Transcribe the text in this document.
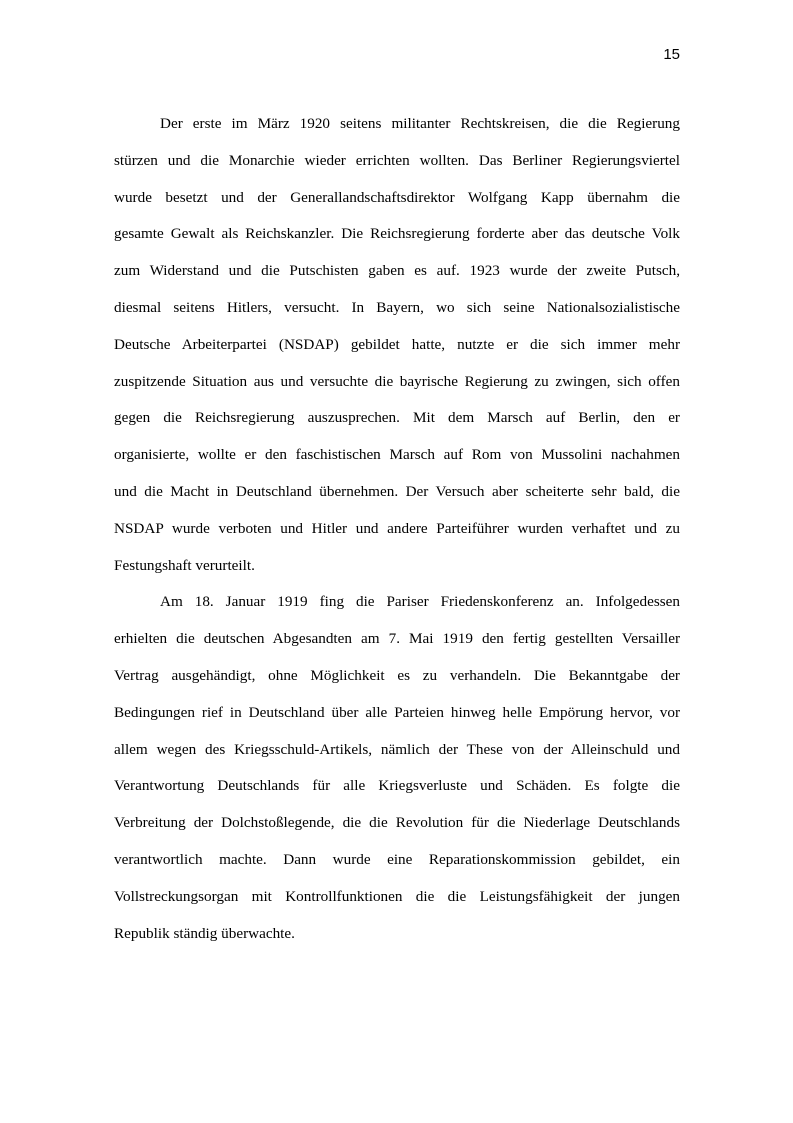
15
Der erste im März 1920 seitens militanter Rechtskreisen, die die Regierung
stürzen und die Monarchie wieder errichten wollten. Das Berliner Regierungsviertel
wurde besetzt und der Generallandschaftsdirektor Wolfgang Kapp übernahm die
gesamte Gewalt als Reichskanzler. Die Reichsregierung forderte aber das deutsche Volk
zum Widerstand und die Putschisten gaben es auf. 1923 wurde der zweite Putsch,
diesmal seitens Hitlers, versucht. In Bayern, wo sich seine Nationalsozialistische
Deutsche Arbeiterpartei (NSDAP) gebildet hatte, nutzte er die sich immer mehr
zuspitzende Situation aus und versuchte die bayrische Regierung zu zwingen, sich offen
gegen die Reichsregierung auszusprechen. Mit dem Marsch auf Berlin, den er
organisierte, wollte er den faschistischen Marsch auf Rom von Mussolini nachahmen
und die Macht in Deutschland übernehmen. Der Versuch aber scheiterte sehr bald, die
NSDAP wurde verboten und Hitler und andere Parteiführer wurden verhaftet und zu
Festungshaft verurteilt.
Am 18. Januar 1919 fing die Pariser Friedenskonferenz an. Infolgedessen
erhielten die deutschen Abgesandten am 7. Mai 1919 den fertig gestellten Versailler
Vertrag ausgehändigt, ohne Möglichkeit es zu verhandeln. Die Bekanntgabe der
Bedingungen rief in Deutschland über alle Parteien hinweg helle Empörung hervor, vor
allem wegen des Kriegsschuld-Artikels, nämlich der These von der Alleinschuld und
Verantwortung Deutschlands für alle Kriegsverluste und Schäden. Es folgte die
Verbreitung der Dolchstoßlegende, die die Revolution für die Niederlage Deutschlands
verantwortlich machte. Dann wurde eine Reparationskommission gebildet, ein
Vollstreckungsorgan mit Kontrollfunktionen die die Leistungsfähigkeit der jungen
Republik ständig überwachte.
